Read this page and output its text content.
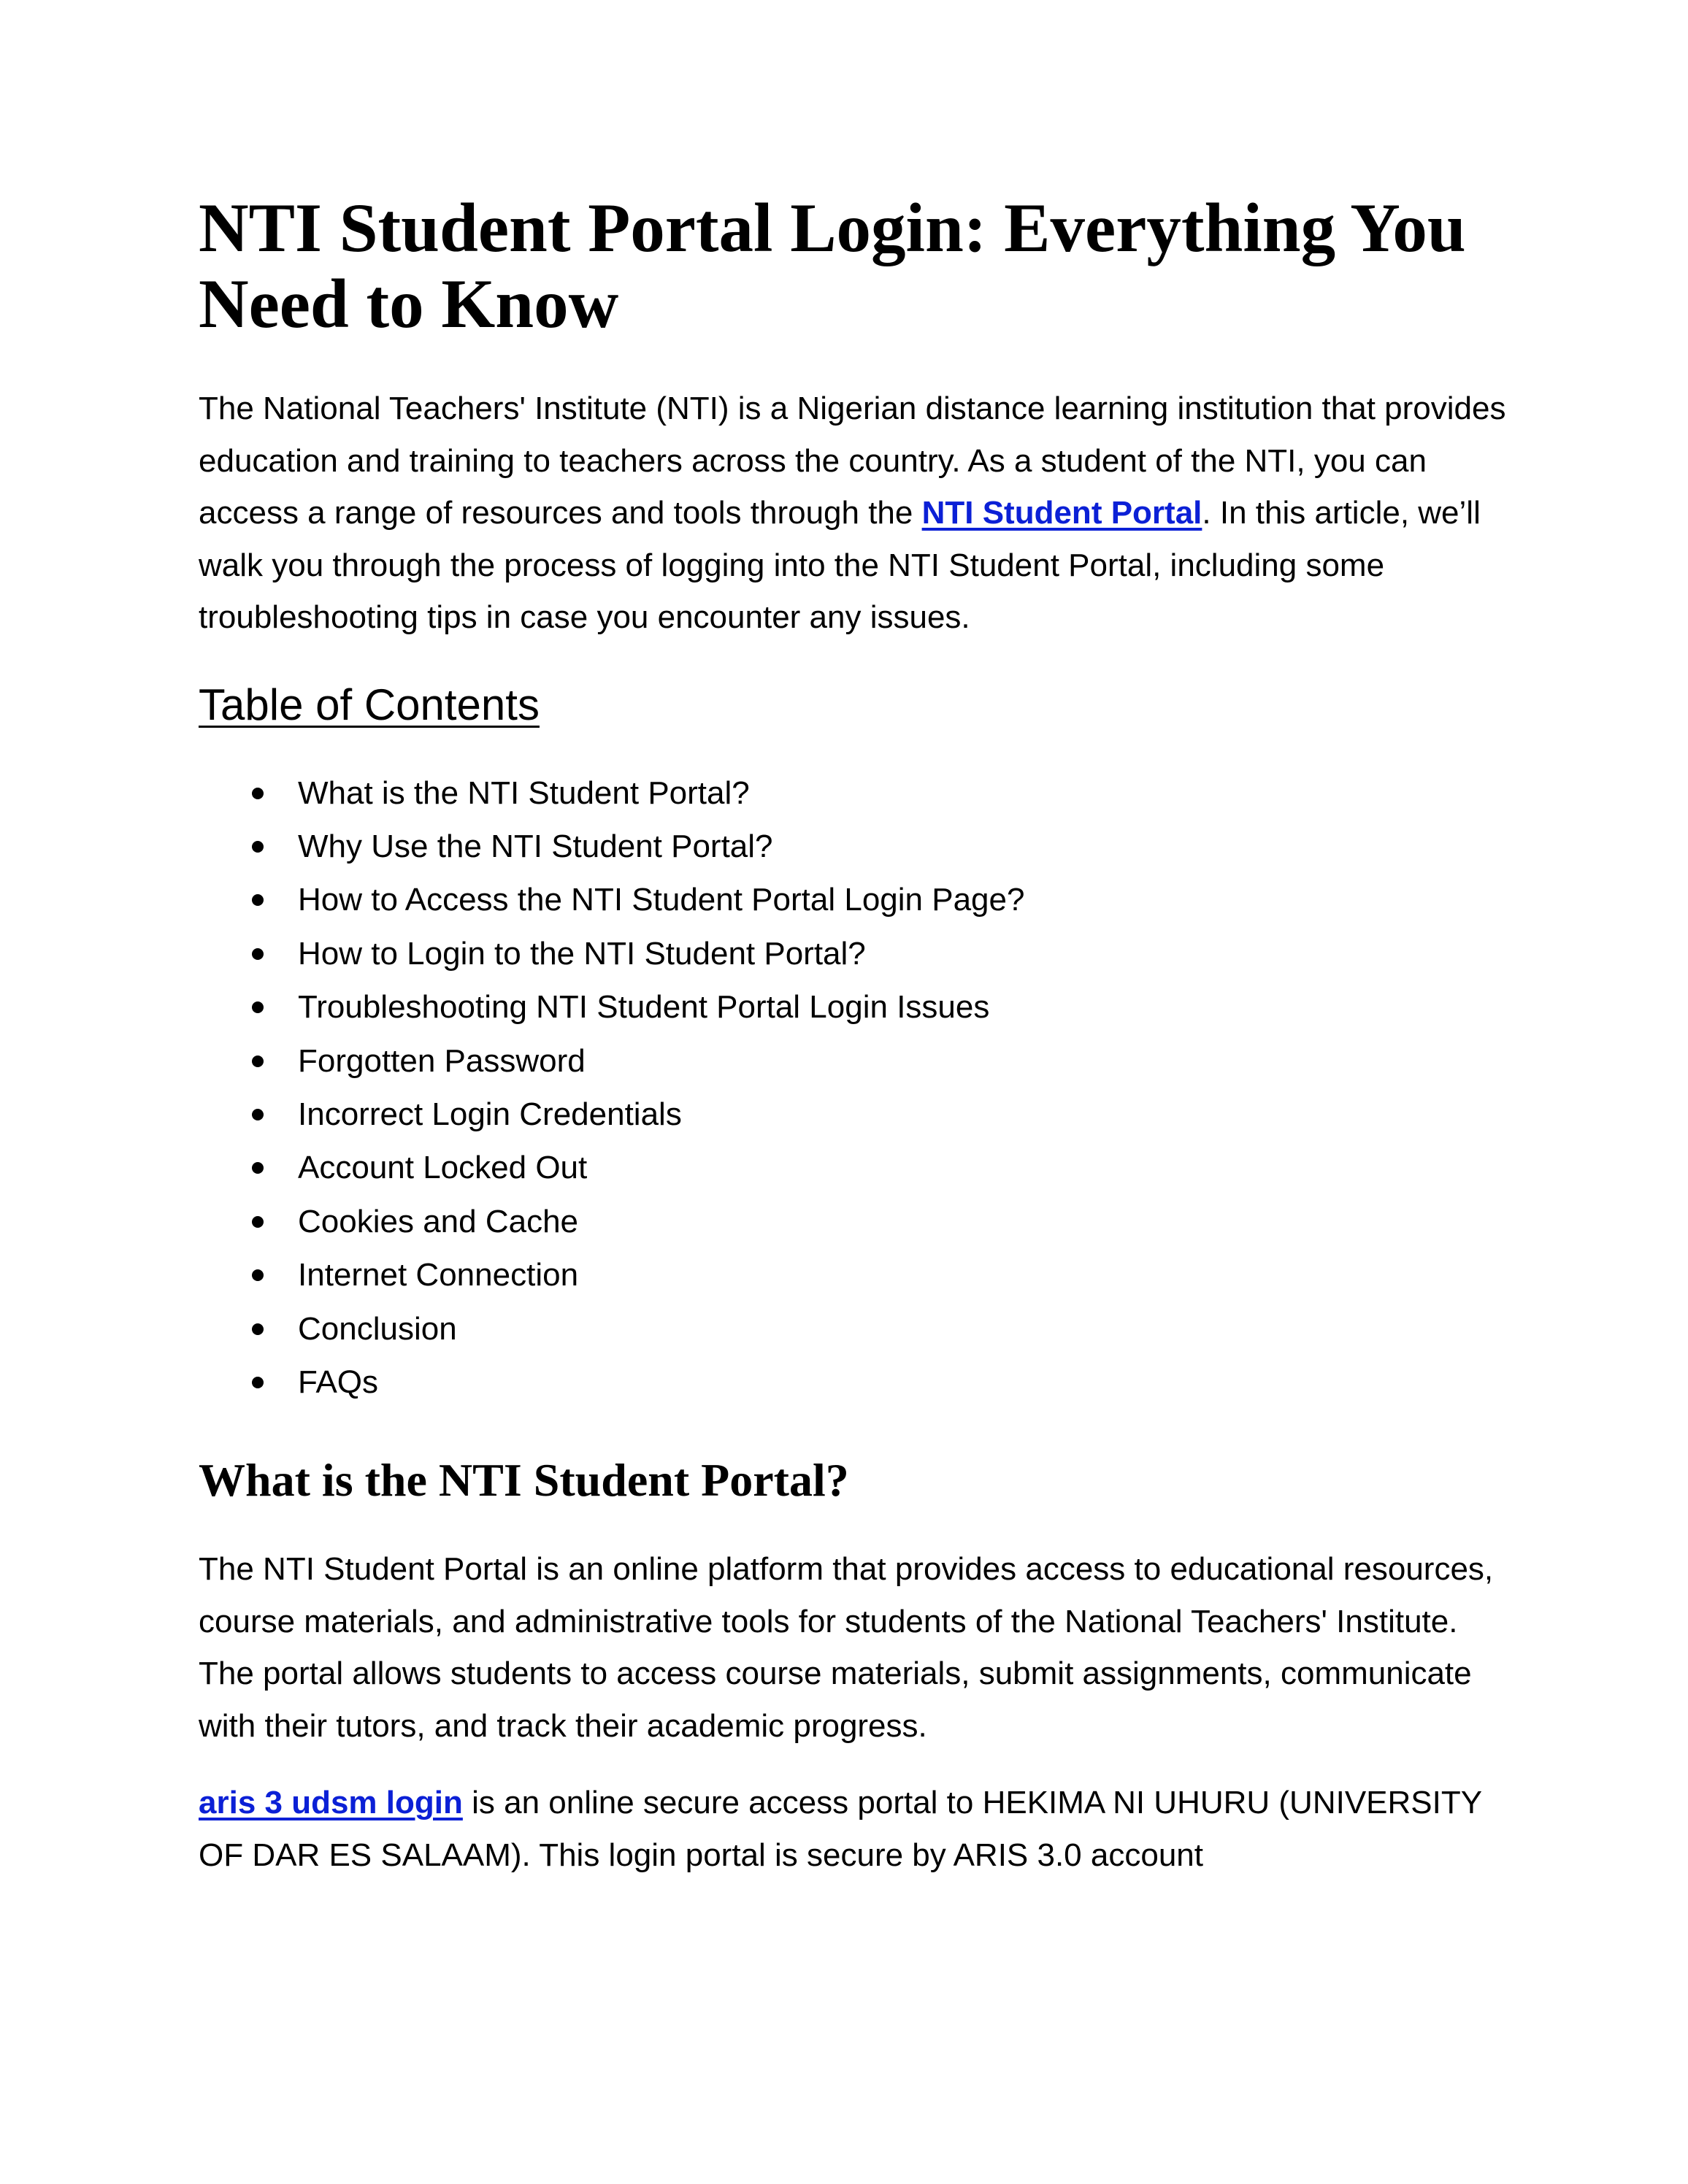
NTI Student Portal Login: Everything You Need to Know

The National Teachers' Institute (NTI) is a Nigerian distance learning institution that provides education and training to teachers across the country. As a student of the NTI, you can access a range of resources and tools through the NTI Student Portal. In this article, we’ll walk you through the process of logging into the NTI Student Portal, including some troubleshooting tips in case you encounter any issues.

Table of Contents
What is the NTI Student Portal?
Why Use the NTI Student Portal?
How to Access the NTI Student Portal Login Page?
How to Login to the NTI Student Portal?
Troubleshooting NTI Student Portal Login Issues
Forgotten Password
Incorrect Login Credentials
Account Locked Out
Cookies and Cache
Internet Connection
Conclusion
FAQs
What is the NTI Student Portal?

The NTI Student Portal is an online platform that provides access to educational resources, course materials, and administrative tools for students of the National Teachers' Institute. The portal allows students to access course materials, submit assignments, communicate with their tutors, and track their academic progress.

aris 3 udsm login is an online secure access portal to HEKIMA NI UHURU (UNIVERSITY OF DAR ES SALAAM). This login portal is secure by ARIS 3.0 account
